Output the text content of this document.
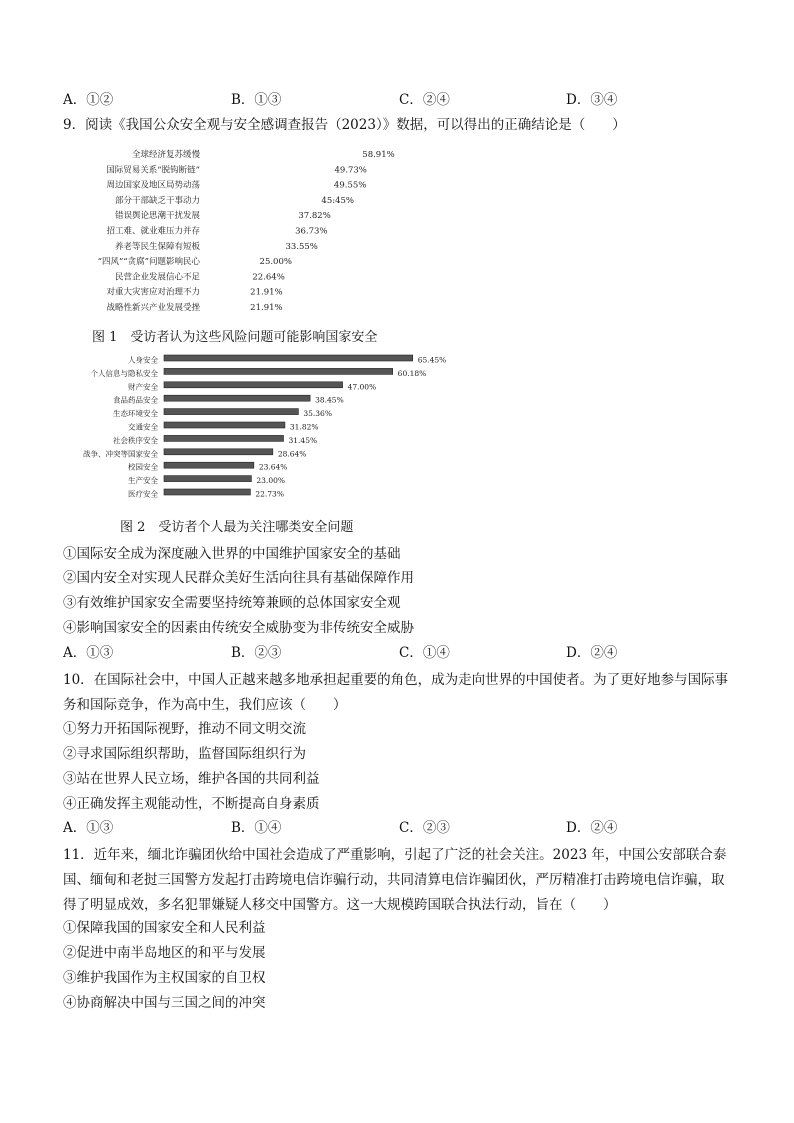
A．①②	B．①③	C．②④	D．③④
9．阅读《我国公众安全观与安全感调查报告（2023）》数据，可以得出的正确结论是（　　）
全球经济复苏缓慢	58.91%
国际贸易关系“脱钩断链”	49.73%
周边国家及地区局势动荡	49.55%
部分干部缺乏干事动力	45:45%
错误舆论思潮干扰发展	37.82%
招工难、就业难压力并存	36.73%
养老等民生保障有短板	33.55%
“四风”“贪腐”问题影响民心	25.00%
民营企业发展信心不足	22.64%
对重大灾害应对治理不力	21.91%
战略性新兴产业发展受挫	21.91%
图 1　受访者认为这些风险问题可能影响国家安全
人身安全	65.45%
个人信息与隐私安全	60.18%
财产安全	47.00%
食品药品安全	38.45%
生态环境安全	35.36%
交通安全	31.82%
社会秩序安全	31.45%
战争、冲突等国家安全	28.64%
校园安全	23.64%
生产安全	23.00%
医疗安全	22.73%
图 2　受访者个人最为关注哪类安全问题
①国际安全成为深度融入世界的中国维护国家安全的基础
②国内安全对实现人民群众美好生活向往具有基础保障作用
③有效维护国家安全需要坚持统筹兼顾的总体国家安全观
④影响国家安全的因素由传统安全威胁变为非传统安全威胁
A．①③	B．②③	C．①④	D．②④
10．在国际社会中，中国人正越来越多地承担起重要的角色，成为走向世界的中国使者。为了更好地参与国际事务和国际竞争，作为高中生，我们应该（　　）
①努力开拓国际视野，推动不同文明交流
②寻求国际组织帮助，监督国际组织行为
③站在世界人民立场，维护各国的共同利益
④正确发挥主观能动性，不断提高自身素质
A．①③	B．①④	C．②③	D．②④
11．近年来，缅北诈骗团伙给中国社会造成了严重影响，引起了广泛的社会关注。2023 年，中国公安部联合泰国、缅甸和老挝三国警方发起打击跨境电信诈骗行动，共同清算电信诈骗团伙，严厉精准打击跨境电信诈骗，取得了明显成效，多名犯罪嫌疑人移交中国警方。这一大规模跨国联合执法行动，旨在（　　）
①保障我国的国家安全和人民利益
②促进中南半岛地区的和平与发展
③维护我国作为主权国家的自卫权
④协商解决中国与三国之间的冲突
